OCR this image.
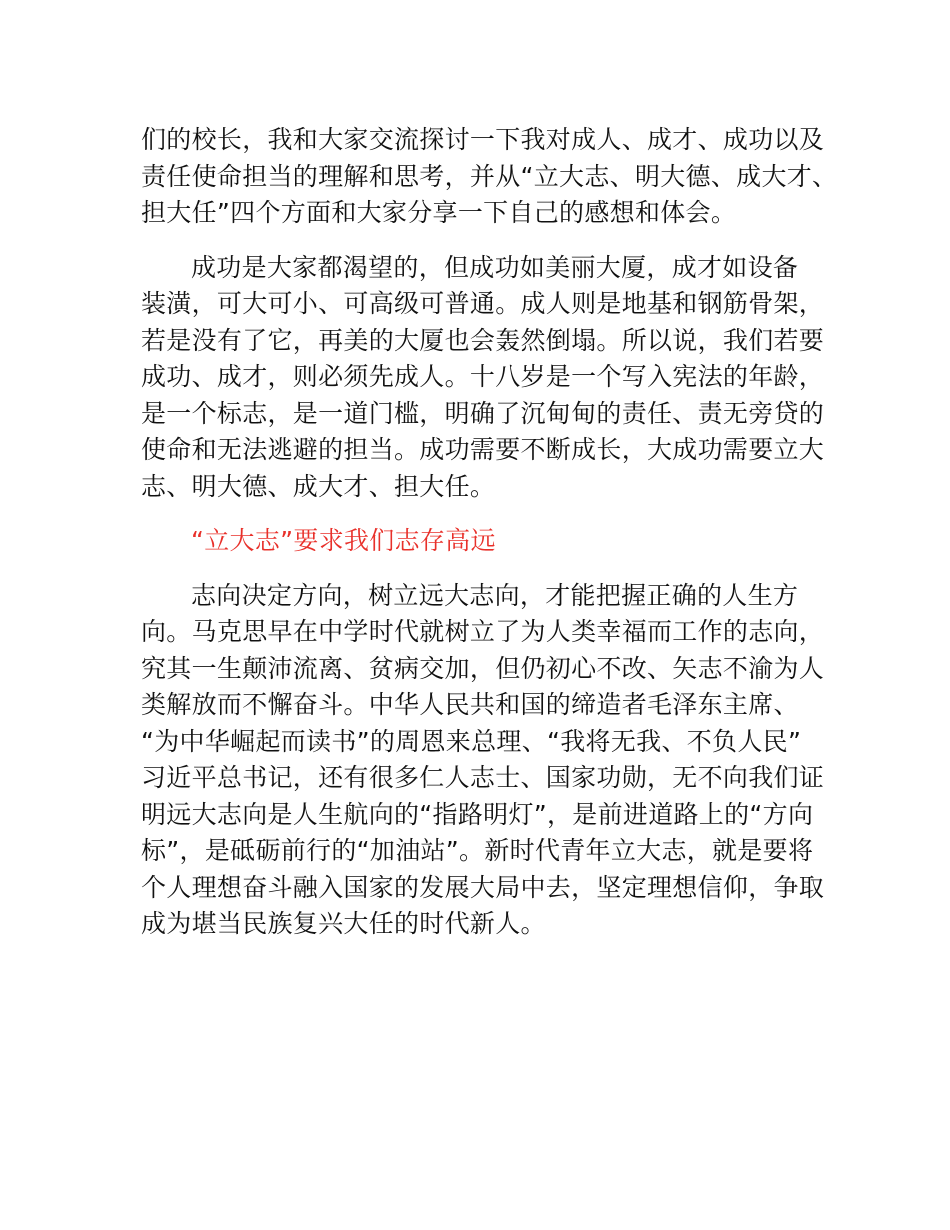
们的校长，我和大家交流探讨一下我对成人、成才、成功以及
责任使命担当的理解和思考，并从“立大志、明大德、成大才、
担大任”四个方面和大家分享一下自己的感想和体会。
成功是大家都渴望的，但成功如美丽大厦，成才如设备
装潢，可大可小、可高级可普通。成人则是地基和钢筋骨架，
若是没有了它，再美的大厦也会轰然倒塌。所以说，我们若要
成功、成才，则必须先成人。十八岁是一个写入宪法的年龄，
是一个标志，是一道门槛，明确了沉甸甸的责任、责无旁贷的
使命和无法逃避的担当。成功需要不断成长，大成功需要立大
志、明大德、成大才、担大任。
“立大志”要求我们志存高远
志向决定方向，树立远大志向，才能把握正确的人生方
向。马克思早在中学时代就树立了为人类幸福而工作的志向，
究其一生颠沛流离、贫病交加，但仍初心不改、矢志不渝为人
类解放而不懈奋斗。中华人民共和国的缔造者毛泽东主席、
“为中华崛起而读书”的周恩来总理、“我将无我、不负人民”
习近平总书记，还有很多仁人志士、国家功勋，无不向我们证
明远大志向是人生航向的“指路明灯”，是前进道路上的“方向
标”，是砥砺前行的“加油站”。新时代青年立大志，就是要将
个人理想奋斗融入国家的发展大局中去，坚定理想信仰，争取
成为堪当民族复兴大任的时代新人。
